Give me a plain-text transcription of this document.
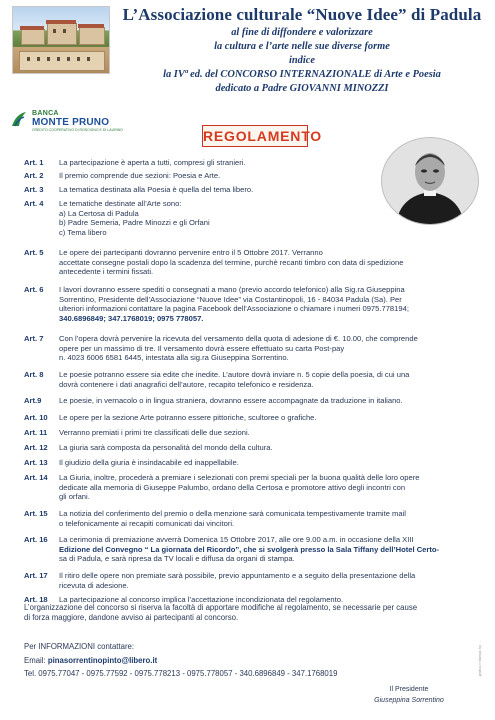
L’Associazione culturale “Nuove Idee” di Padula
al fine di diffondere e valorizzare
la cultura e l’arte nelle sue diverse forme
indice
la IVª ed. del CONCORSO INTERNAZIONALE di Arte e Poesia
dedicato a Padre GIOVANNI MINOZZI
BANCA
MONTE PRUNO
CREDITO COOPERATIVO DI ROSCIGNO E DI LAURINO	REGOLAMENTO
Art. 1 La partecipazione è aperta a tutti, compresi gli stranieri.
Art. 2 Il premio comprende due sezioni: Poesia e Arte.
Art. 3 La tematica destinata alla Poesia è quella del tema libero.
Art. 4 Le tematiche destinate all’Arte sono:
a) La Certosa di Padula
b) Padre Semeria, Padre Minozzi e gli Orfani
c) Tema libero
Art. 5 Le opere dei partecipanti dovranno pervenire entro il 5 Ottobre 2017. Verranno
accettate consegne postali dopo la scadenza del termine, purchè recanti timbro con data di spedizione
antecedente i termini fissati.
Art. 6 I lavori dovranno essere spediti o consegnati a mano (previo accordo telefonico) alla Sig.ra Giuseppina
Sorrentino, Presidente dell’Associazione “Nuove Idee” via Costantinopoli, 16 - 84034 Padula (Sa). Per
ulteriori informazioni contattare la pagina Facebook dell’Associazione o chiamare i numeri 0975.778194;
340.6896849; 347.1768019; 0975 778057.
Art. 7 Con l’opera dovrà pervenire la ricevuta del versamento della quota di adesione di €. 10.00, che comprende
opere per un massimo di tre. Il versamento dovrà essere effettuato su carta Post-pay
n. 4023 6006 6581 6445, intestata alla sig.ra Giuseppina Sorrentino.
Art. 8 Le poesie potranno essere sia edite che inedite. L’autore dovrà inviare n. 5 copie della poesia, di cui una
dovrà contenere i dati anagrafici dell’autore, recapito telefonico e residenza.
Art.9 Le poesie, in vernacolo o in lingua straniera, dovranno essere accompagnate da traduzione in italiano.
Art. 10 Le opere per la sezione Arte potranno essere pittoriche, scultoree o grafiche.
Art. 11 Verranno premiati i primi tre classificati delle due sezioni.
Art. 12 La giuria sarà composta da personalità del mondo della cultura.
Art. 13 Il giudizio della giuria è insindacabile ed inappellabile.
Art. 14 La Giuria, inoltre, procederà a premiare i selezionati con premi speciali per la buona qualità delle loro opere
dedicate alla memoria di Giuseppe Palumbo, ordano della Certosa e promotore attivo degli incontri con
gli orfani.
Art. 15 La notizia del conferimento del premio o della menzione sarà comunicata tempestivamente tramite mail
o telefonicamente ai recapiti comunicati dai vincitori.
Art. 16 La cerimonia di premiazione avverrà Domenica 15 Ottobre 2017, alle ore 9.00 a.m. in occasione della XIII
Edizione del Convegno “ La giornata del Ricordo”, che si svolgerà presso la Sala Tiffany dell’Hotel Certo-
sa di Padula, e sarà ripresa da TV locali e diffusa da organi di stampa.
Art. 17 Il ritiro delle opere non premiate sarà possibile, previo appuntamento e a seguito della presentazione della
ricevuta di adesione.
Art. 18 La partecipazione al concorso implica l’accettazione incondizionata del regolamento.
L’organizzazione del concorso si riserva la facoltà di apportare modifiche al regolamento, se necessarie per cause
di forza maggiore, dandone avviso ai partecipanti al concorso.
Per INFORMAZIONI contattare:
Email: pinasorrentinopinto@libero.it
Tel. 0975.77047 - 0975.77592 - 0975.778213 - 0975.778057 - 340.6896849 - 347.1768019
Il Presidente
Giuseppina Sorrentino
grafica e stampa: tip. ...
